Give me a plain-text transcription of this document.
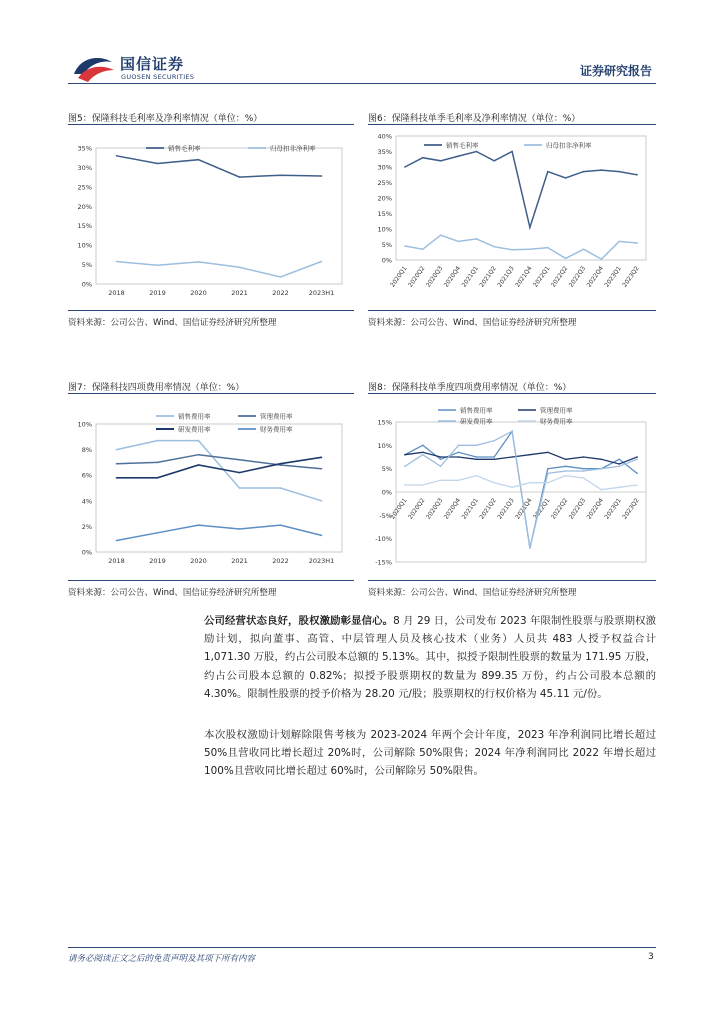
国信证券
GUOSEN SECURITIES	证券研究报告
图5：保隆科技毛利率及净利率情况（单位：%）	图6：保隆科技单季毛利率及净利率情况（单位：%）
0%
5%
10%
15%
20%
25%
30%
35%
2018	2019	2020	2021	2022	2023H1
销售毛利率	归母扣非净利率
0%
5%
10%
15%
20%
25%
30%
35%
40%
2020Q1
2020Q2
2020Q3
2020Q4
2021Q1
2021Q2
2021Q3
2021Q4
2022Q1
2022Q2
2022Q3
2022Q4
2023Q1
2023Q2
销售毛利率	归母扣非净利率
资料来源：公司公告、Wind、国信证券经济研究所整理	资料来源：公司公告、Wind、国信证券经济研究所整理
图7：保隆科技四项费用率情况（单位：%）	图8：保隆科技单季度四项费用率情况（单位：%）
0%
2%
4%
6%
8%
10%
2018	2019	2020	2021	2022	2023H1
销售费用率	管理费用率
研发费用率	财务费用率
-15%
-10%
-5%
0%
5%
10%
15%
2020Q1
2020Q2
2020Q3
2020Q4
2021Q1
2021Q2
2021Q3
2021Q4
2022Q1
2022Q2
2022Q3
2022Q4
2023Q1
2023Q2
销售费用率	管理费用率
研发费用率	财务费用率
资料来源：公司公告、Wind、国信证券经济研究所整理	资料来源：公司公告、Wind、国信证券经济研究所整理
公司经营状态良好，股权激励彰显信心。8 月 29 日，公司发布 2023 年限制性股票与股票期权激励计划，拟向董事、高管、中层管理人员及核心技术（业务）人员共 483 人授予权益合计 1,071.30 万股，约占公司股本总额的 5.13%。其中，拟授予限制性股票的数量为 171.95 万股，约占公司股本总额的 0.82%；拟授予股票期权的数量为 899.35 万份，约占公司股本总额的 4.30%。限制性股票的授予价格为 28.20 元/股；股票期权的行权价格为 45.11 元/份。
本次股权激励计划解除限售考核为 2023-2024 年两个会计年度，2023 年净利润同比增长超过 50%且营收同比增长超过 20%时，公司解除 50%限售；2024 年净利润同比 2022 年增长超过 100%且营收同比增长超过 60%时，公司解除另 50%限售。
请务必阅读正文之后的免责声明及其项下所有内容	3
